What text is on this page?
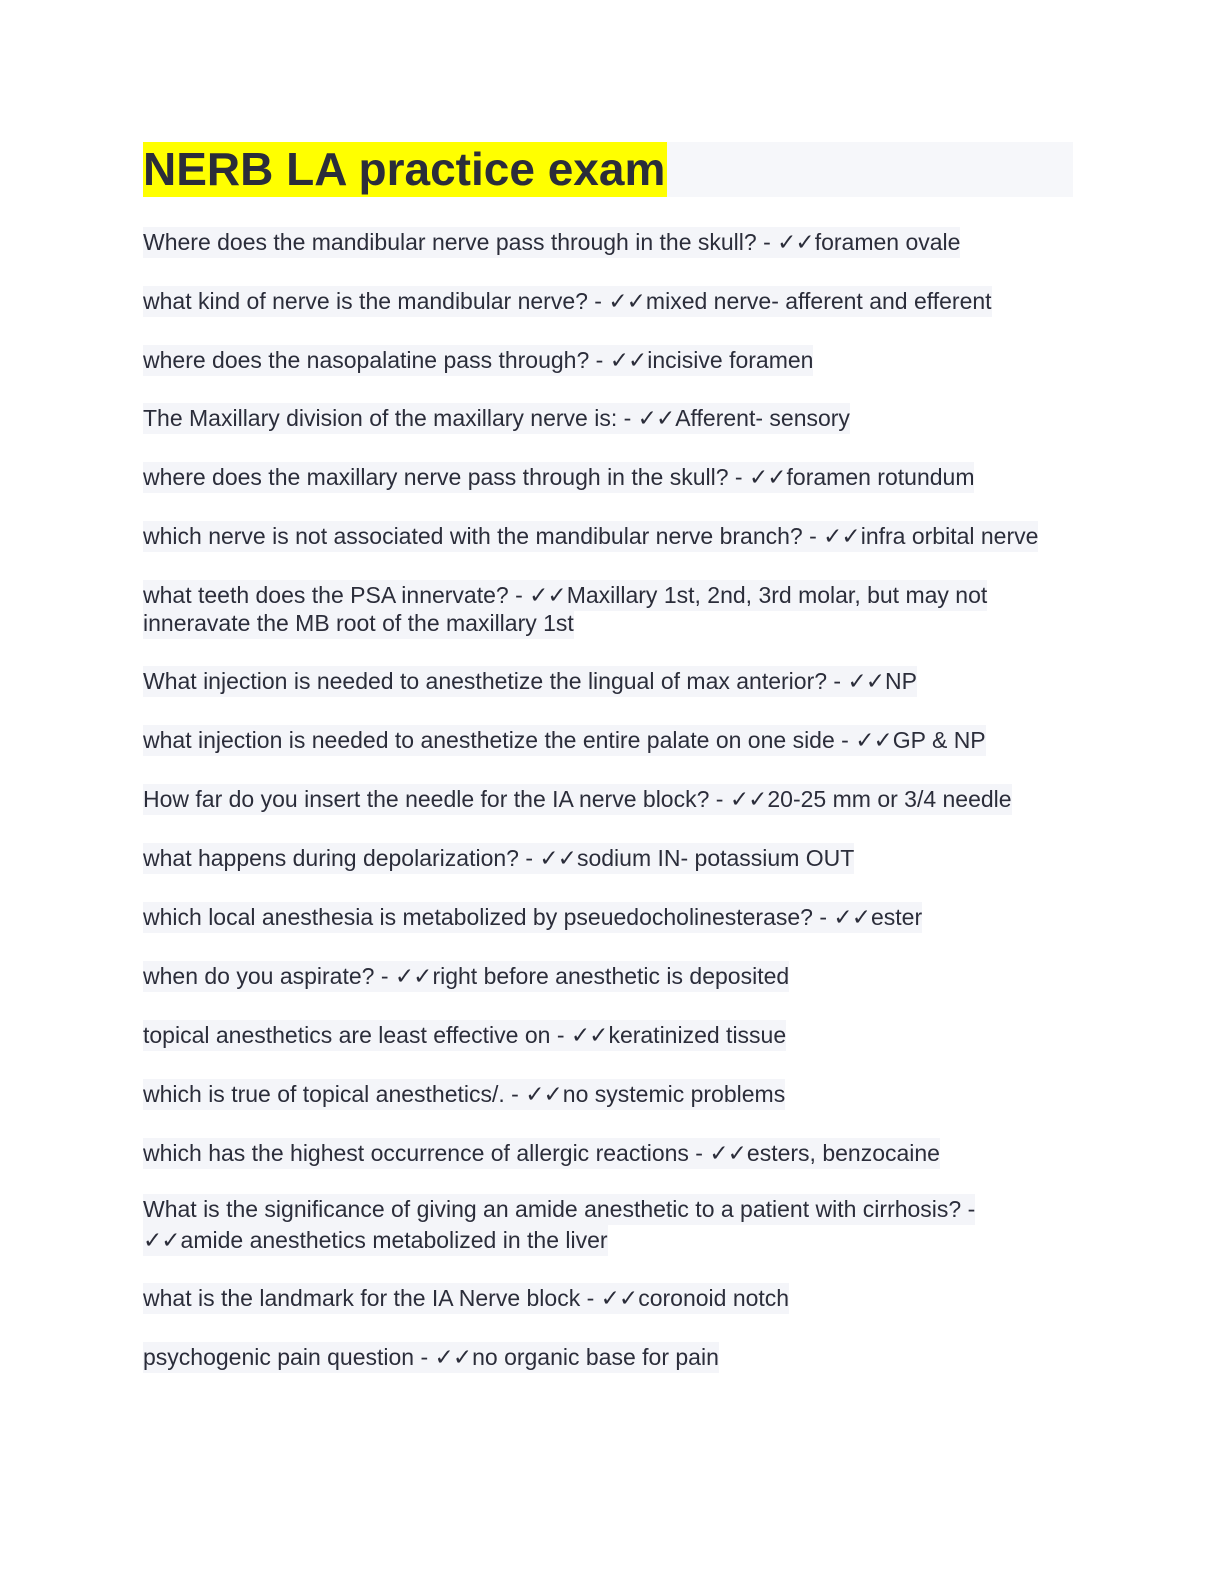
NERB LA practice exam
Where does the mandibular nerve pass through in the skull? - ✓✓foramen ovale
what kind of nerve is the mandibular nerve? - ✓✓mixed nerve- afferent and efferent
where does the nasopalatine pass through? - ✓✓incisive foramen
The Maxillary division of the maxillary nerve is: - ✓✓Afferent- sensory
where does the maxillary nerve pass through in the skull? - ✓✓foramen rotundum
which nerve is not associated with the mandibular nerve branch? - ✓✓infra orbital nerve
what teeth does the PSA innervate? - ✓✓Maxillary 1st, 2nd, 3rd molar, but may not inneravate the MB root of the maxillary 1st
What injection is needed to anesthetize the lingual of max anterior? - ✓✓NP
what injection is needed to anesthetize the entire palate on one side - ✓✓GP & NP
How far do you insert the needle for the IA nerve block? - ✓✓20-25 mm or 3/4 needle
what happens during depolarization? - ✓✓sodium IN- potassium OUT
which local anesthesia is metabolized by pseuedocholinesterase? - ✓✓ester
when do you aspirate? - ✓✓right before anesthetic is deposited
topical anesthetics are least effective on - ✓✓keratinized tissue
which is true of topical anesthetics/. - ✓✓no systemic problems
which has the highest occurrence of allergic reactions - ✓✓esters, benzocaine
What is the significance of giving an amide anesthetic to a patient with cirrhosis? - ✓✓amide anesthetics metabolized in the liver
what is the landmark for the IA Nerve block - ✓✓coronoid notch
psychogenic pain question - ✓✓no organic base for pain
